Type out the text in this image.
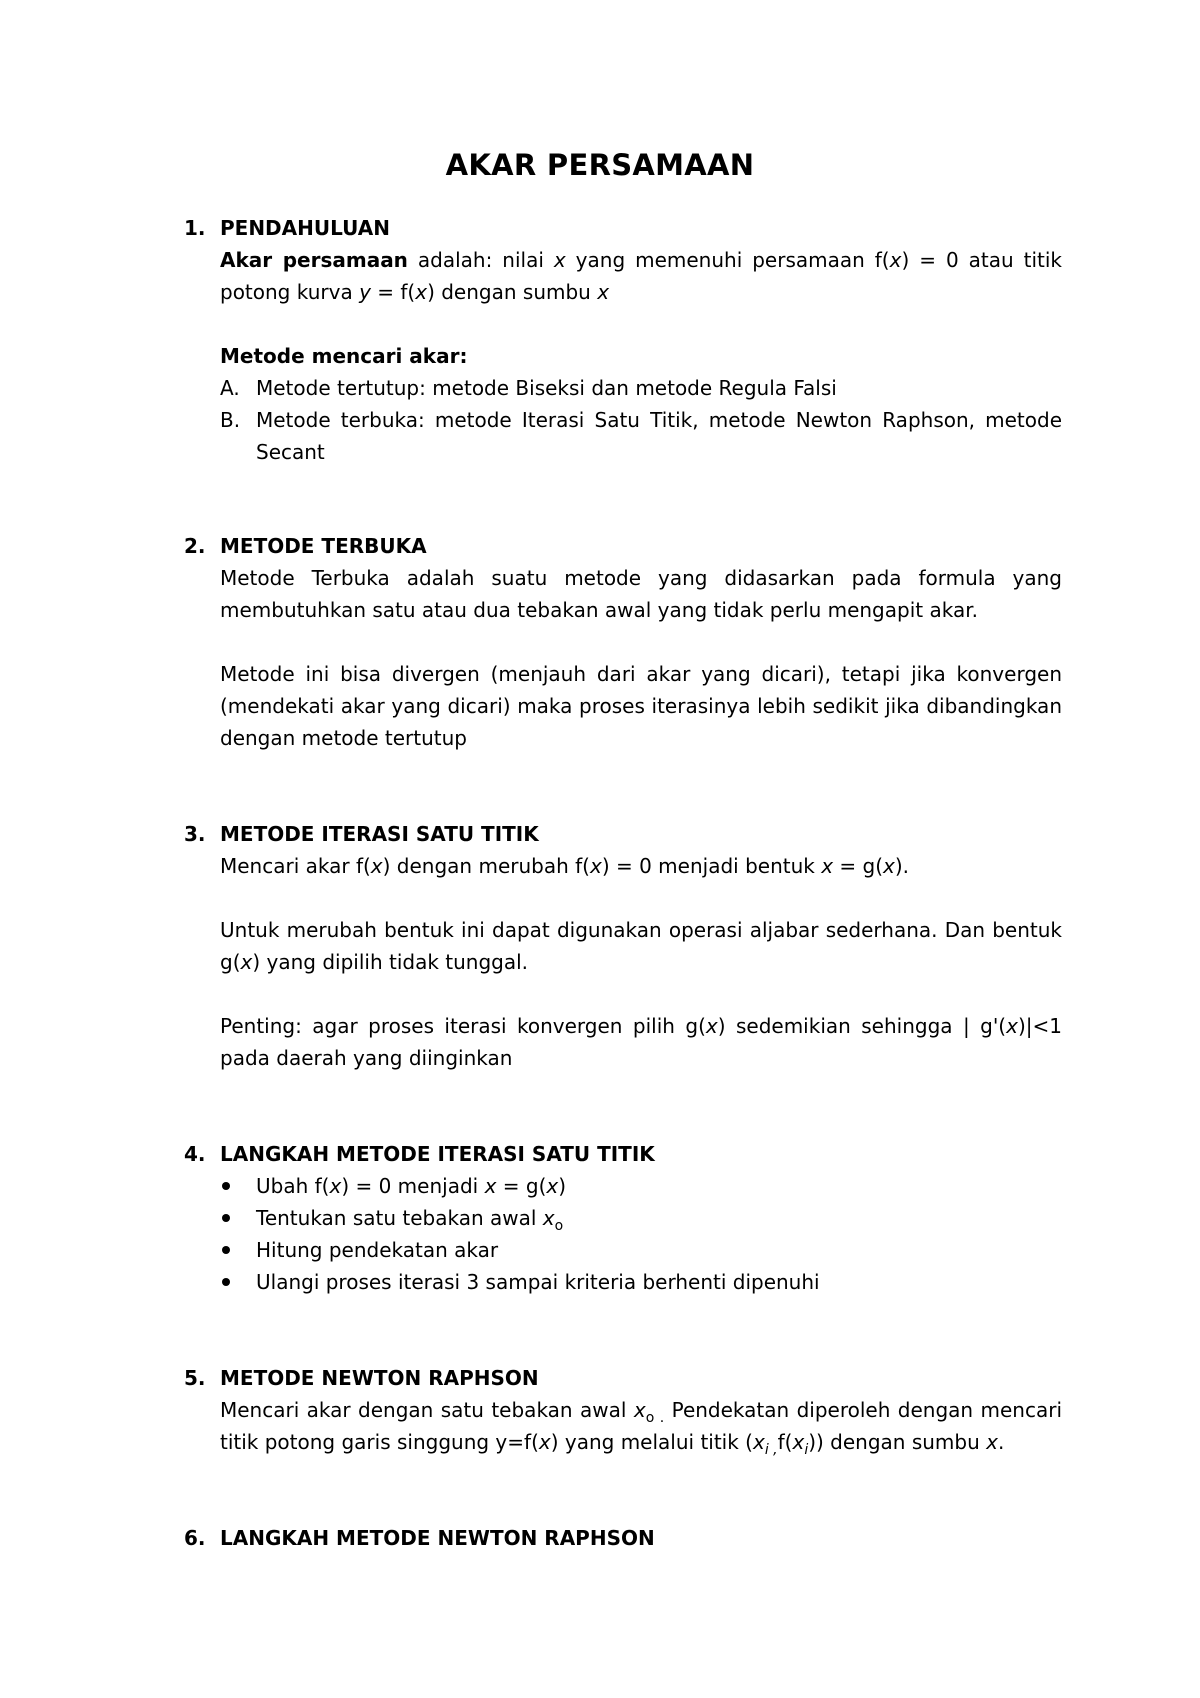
AKAR PERSAMAAN
1. PENDAHULUAN

Akar persamaan adalah: nilai x yang memenuhi persamaan f(x) = 0 atau titik potong kurva y = f(x) dengan sumbu x

Metode mencari akar:

A. Metode tertutup: metode Biseksi dan metode Regula Falsi
B. Metode terbuka: metode Iterasi Satu Titik, metode Newton Raphson, metode Secant
2. METODE TERBUKA

Metode Terbuka adalah suatu metode yang didasarkan pada formula yang membutuhkan satu atau dua tebakan awal yang tidak perlu mengapit akar.

Metode ini bisa divergen (menjauh dari akar yang dicari), tetapi jika konvergen (mendekati akar yang dicari) maka proses iterasinya lebih sedikit jika dibandingkan dengan metode tertutup

3. METODE ITERASI SATU TITIK

Mencari akar f(x) dengan merubah f(x) = 0 menjadi bentuk x = g(x).

Untuk merubah bentuk ini dapat digunakan operasi aljabar sederhana. Dan bentuk g(x) yang dipilih tidak tunggal.

Penting: agar proses iterasi konvergen pilih g(x) sedemikian sehingga | g'(x)|<1 pada daerah yang diinginkan

4. LANGKAH METODE ITERASI SATU TITIK
Ubah f(x) = 0 menjadi x = g(x)
Tentukan satu tebakan awal $x_o$
Hitung pendekatan akar
Ulangi proses iterasi 3 sampai kriteria berhenti dipenuhi
5. METODE NEWTON RAPHSON

Mencari akar dengan satu tebakan awal $x_{o .}$ Pendekatan diperoleh dengan mencari titik potong garis singgung y=f(x) yang melalui titik $(x_{i ,}f(x_i))$ dengan sumbu x.

6. LANGKAH METODE NEWTON RAPHSON
